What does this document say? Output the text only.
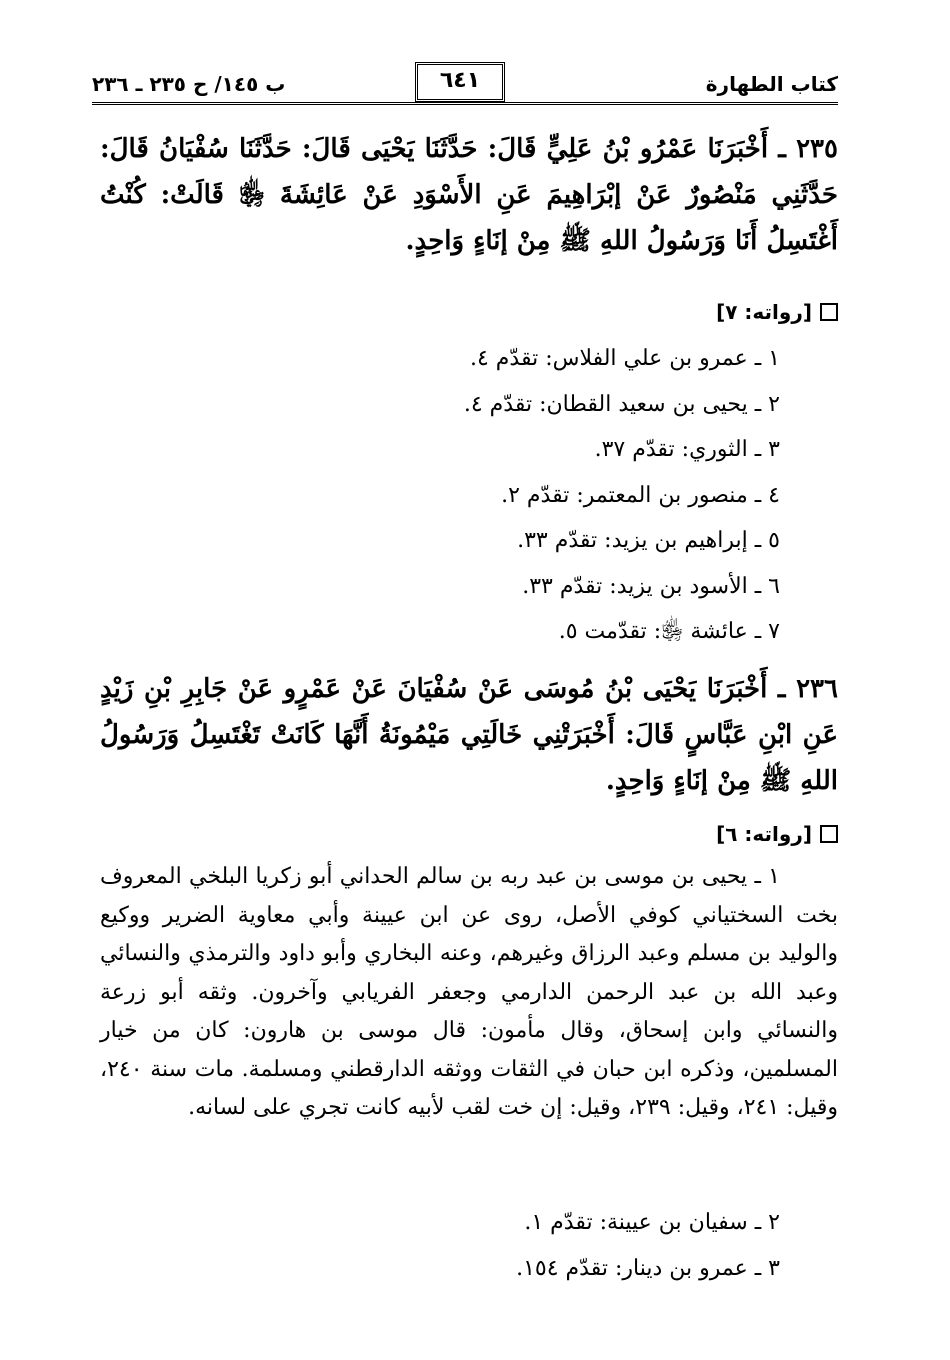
كتاب الطهارة
٦٤١
ب ١٤٥/ ح ٢٣٥ ـ ٢٣٦
٢٣٥ ـ أَخْبَرَنَا عَمْرُو بْنُ عَلِيٍّ قَالَ: حَدَّثَنَا يَحْيَى قَالَ: حَدَّثَنَا سُفْيَانُ قَالَ: حَدَّثَنِي مَنْصُورٌ عَنْ إبْرَاهِيمَ عَنِ الأَسْوَدِ عَنْ عَائِشَةَ ﵂ قَالَتْ: كُنْتُ أَغْتَسِلُ أَنَا وَرَسُولُ اللهِ ﷺ مِنْ إنَاءٍ وَاحِدٍ.
[رواته: ٧]
١ ـ عمرو بن علي الفلاس: تقدّم ٤.
٢ ـ يحيى بن سعيد القطان: تقدّم ٤.
٣ ـ الثوري: تقدّم ٣٧.
٤ ـ منصور بن المعتمر: تقدّم ٢.
٥ ـ إبراهيم بن يزيد: تقدّم ٣٣.
٦ ـ الأسود بن يزيد: تقدّم ٣٣.
٧ ـ عائشة ﵂: تقدّمت ٥.
٢٣٦ ـ أَخْبَرَنَا يَحْيَى بْنُ مُوسَى عَنْ سُفْيَانَ عَنْ عَمْرٍو عَنْ جَابِرِ بْنِ زَيْدٍ عَنِ ابْنِ عَبَّاسٍ قَالَ: أَخْبَرَتْنِي خَالَتِي مَيْمُونَةُ أَنَّهَا كَانَتْ تَغْتَسِلُ وَرَسُولُ اللهِ ﷺ مِنْ إنَاءٍ وَاحِدٍ.
[رواته: ٦]

١ ـ يحيى بن موسى بن عبد ربه بن سالم الحداني أبو زكريا البلخي المعروف بخت السختياني كوفي الأصل، روى عن ابن عيينة وأبي معاوية الضرير ووكيع والوليد بن مسلم وعبد الرزاق وغيرهم، وعنه البخاري وأبو داود والترمذي والنسائي وعبد الله بن عبد الرحمن الدارمي وجعفر الفريابي وآخرون. وثقه أبو زرعة والنسائي وابن إسحاق، وقال مأمون: قال موسى بن هارون: كان من خيار المسلمين، وذكره ابن حبان في الثقات ووثقه الدارقطني ومسلمة. مات سنة ٢٤٠، وقيل: ٢٤١، وقيل: ٢٣٩، وقيل: إن خت لقب لأبيه كانت تجري على لسانه.

٢ ـ سفيان بن عيينة: تقدّم ١.
٣ ـ عمرو بن دينار: تقدّم ١٥٤.
